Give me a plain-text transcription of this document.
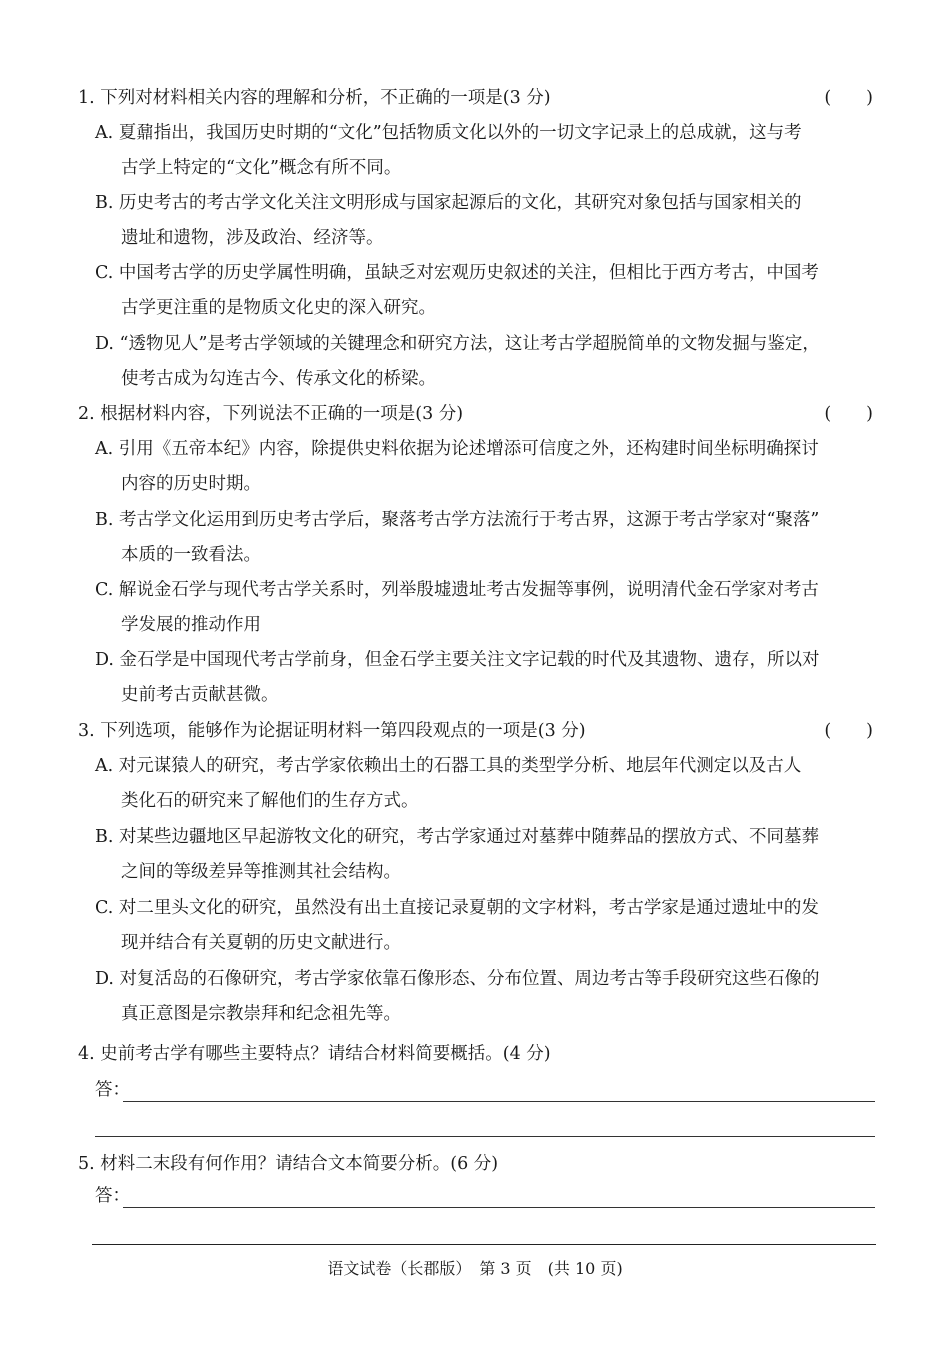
1. 下列对材料相关内容的理解和分析，不正确的一项是(3 分)	(　　)
A. 夏鼐指出，我国历史时期的“文化”包括物质文化以外的一切文字记录上的总成就，这与考
古学上特定的“文化”概念有所不同。
B. 历史考古的考古学文化关注文明形成与国家起源后的文化，其研究对象包括与国家相关的
遗址和遗物，涉及政治、经济等。
C. 中国考古学的历史学属性明确，虽缺乏对宏观历史叙述的关注，但相比于西方考古，中国考
古学更注重的是物质文化史的深入研究。
D. “透物见人”是考古学领域的关键理念和研究方法，这让考古学超脱简单的文物发掘与鉴定，
使考古成为勾连古今、传承文化的桥梁。
2. 根据材料内容，下列说法不正确的一项是(3 分)	(　　)
A. 引用《五帝本纪》内容，除提供史料依据为论述增添可信度之外，还构建时间坐标明确探讨
内容的历史时期。
B. 考古学文化运用到历史考古学后，聚落考古学方法流行于考古界，这源于考古学家对“聚落”
本质的一致看法。
C. 解说金石学与现代考古学关系时，列举殷墟遗址考古发掘等事例，说明清代金石学家对考古
学发展的推动作用
D. 金石学是中国现代考古学前身，但金石学主要关注文字记载的时代及其遗物、遗存，所以对
史前考古贡献甚微。
3. 下列选项，能够作为论据证明材料一第四段观点的一项是(3 分)	(　　)
A. 对元谋猿人的研究，考古学家依赖出土的石器工具的类型学分析、地层年代测定以及古人
类化石的研究来了解他们的生存方式。
B. 对某些边疆地区早起游牧文化的研究，考古学家通过对墓葬中随葬品的摆放方式、不同墓葬
之间的等级差异等推测其社会结构。
C. 对二里头文化的研究，虽然没有出土直接记录夏朝的文字材料，考古学家是通过遗址中的发
现并结合有关夏朝的历史文献进行。
D. 对复活岛的石像研究，考古学家依靠石像形态、分布位置、周边考古等手段研究这些石像的
真正意图是宗教崇拜和纪念祖先等。
4. 史前考古学有哪些主要特点？请结合材料简要概括。(4 分)
答：
5. 材料二末段有何作用？请结合文本简要分析。(6 分)
答：
语文试卷（长郡版）　第 3 页　(共 10 页)
